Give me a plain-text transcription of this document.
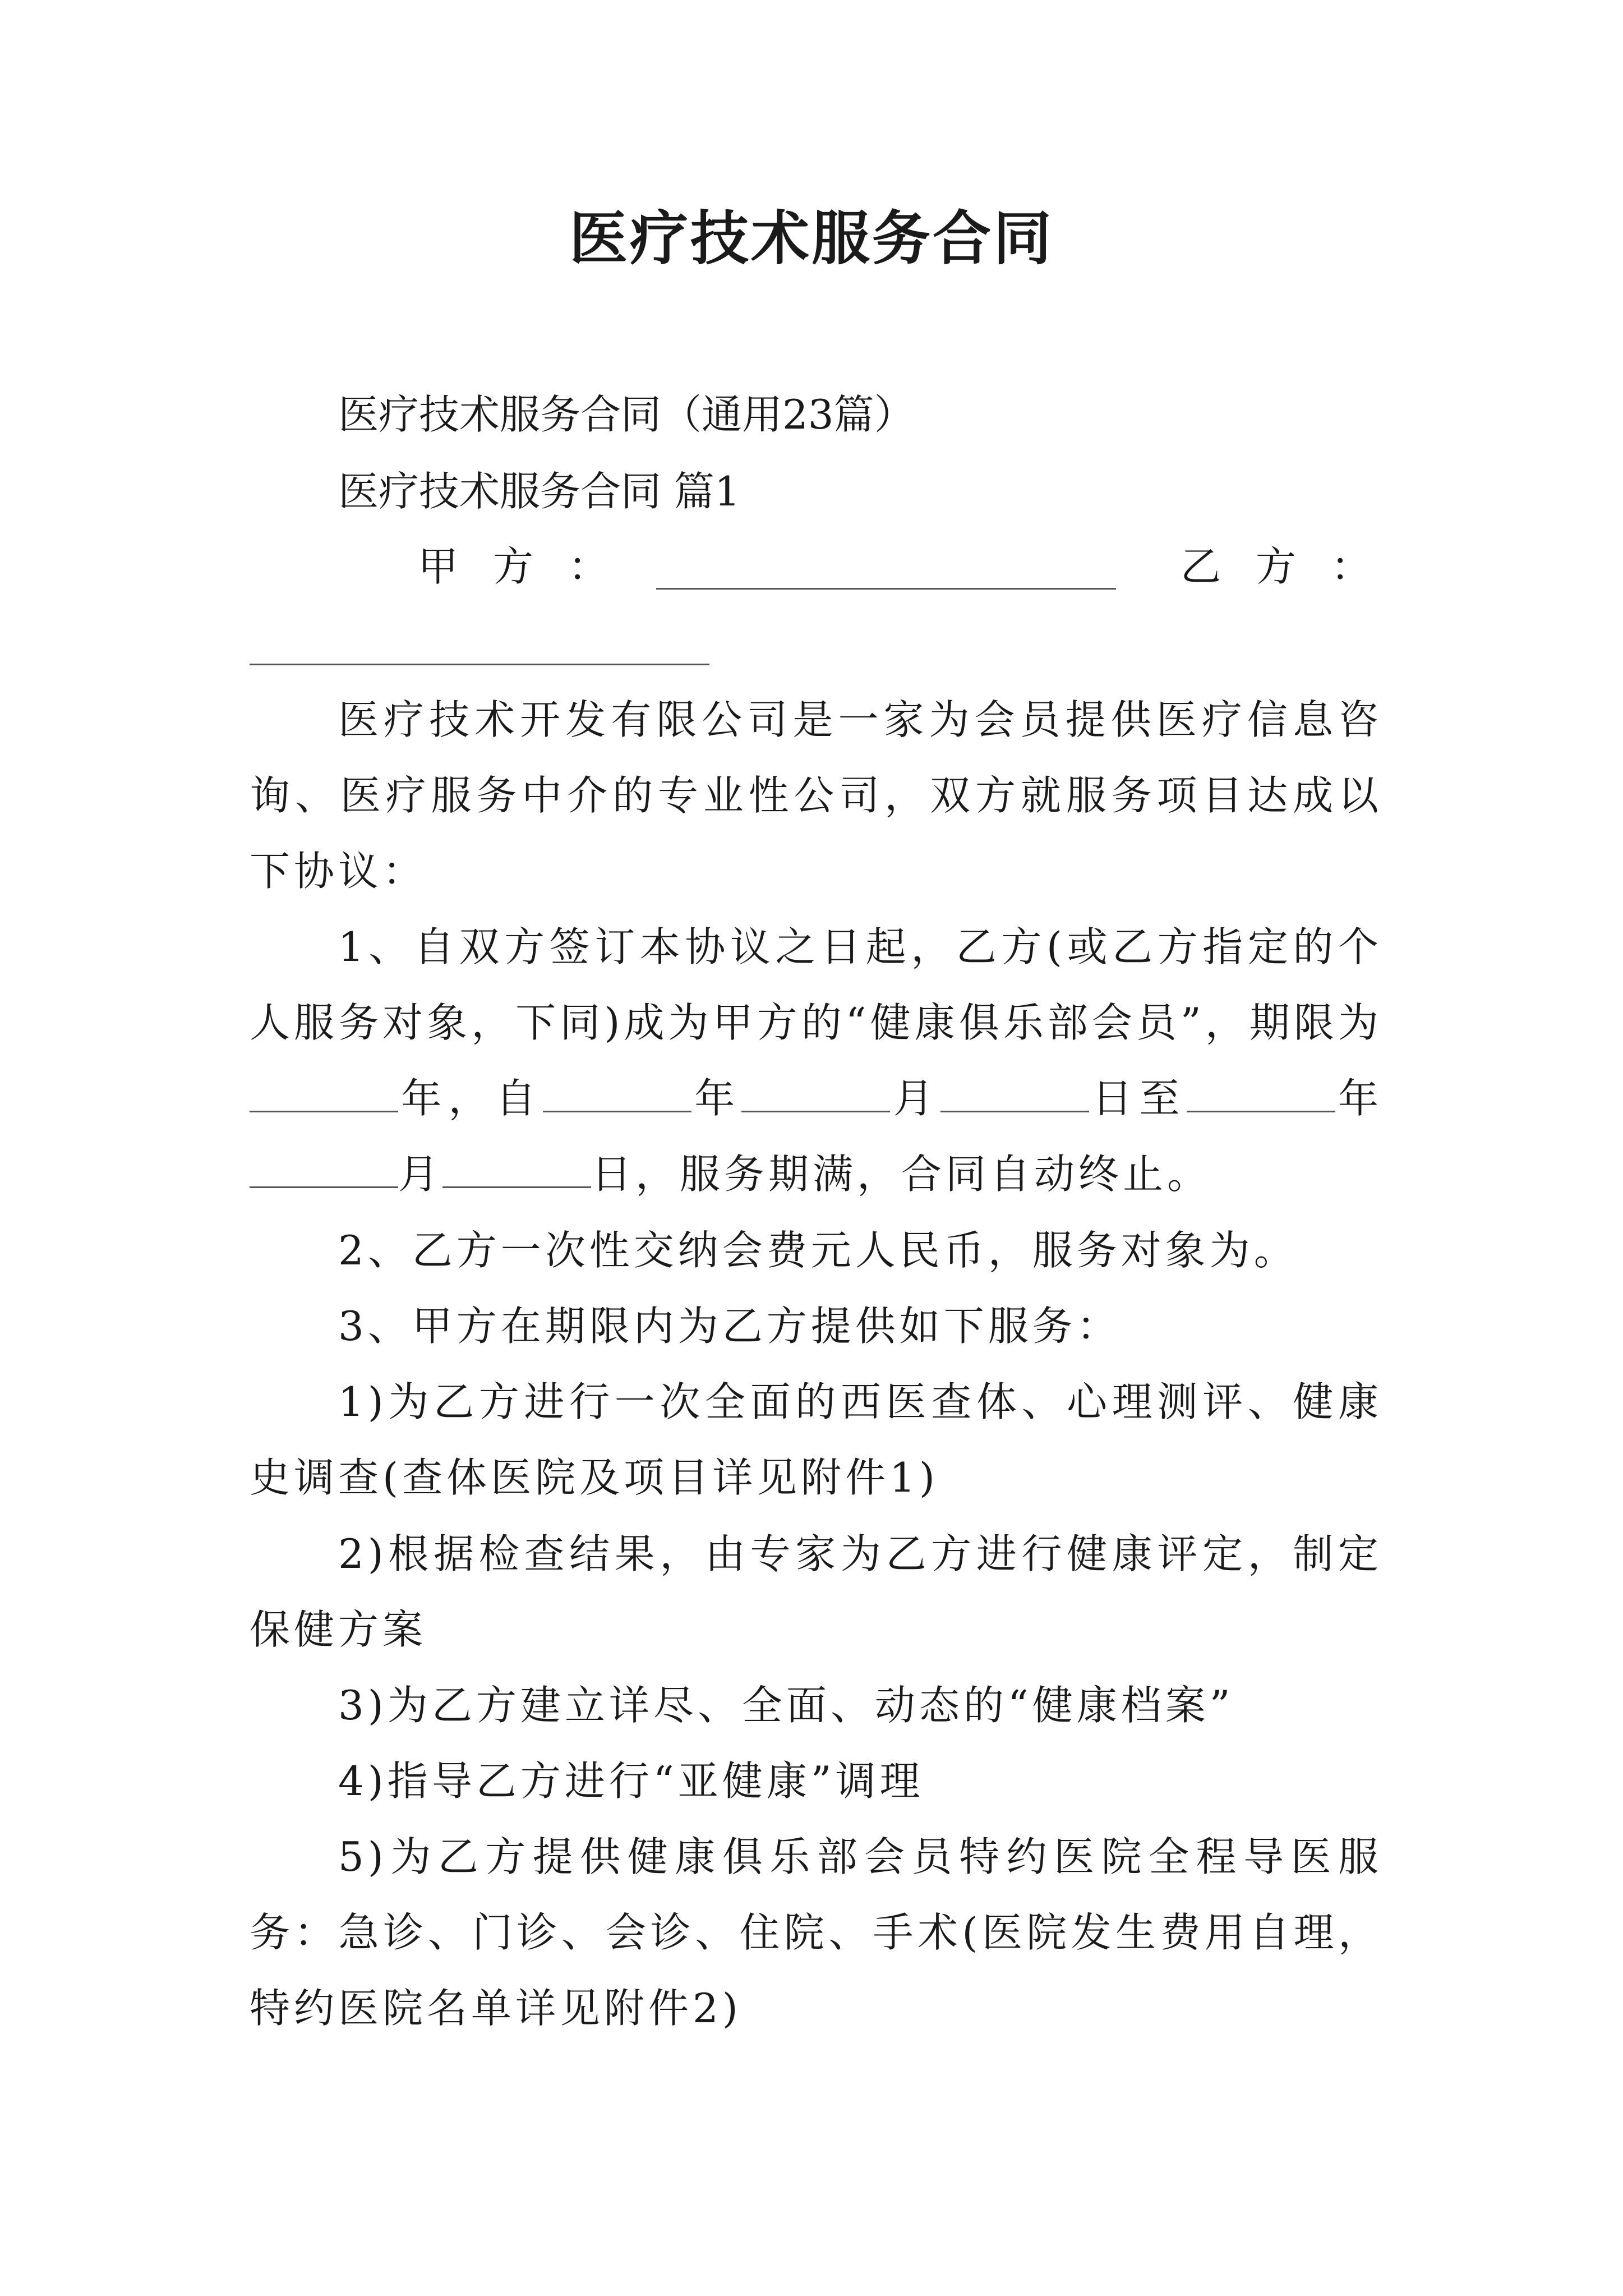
医疗技术服务合同
医疗技术服务合同（通用23篇）
医疗技术服务合同 篇1
甲方：	乙方：

医疗技术开发有限公司是一家为会员提供医疗信息咨询、医疗服务中介的专业性公司，双方就服务项目达成以下协议：

1、自双方签订本协议之日起，乙方(或乙方指定的个人服务对象，下同)成为甲方的“健康俱乐部会员”，期限为年，自	年	月	日至	年月	日，服务期满，合同自动终止。

2、乙方一次性交纳会费元人民币，服务对象为。

3、甲方在期限内为乙方提供如下服务：

1)为乙方进行一次全面的西医查体、心理测评、健康史调查(查体医院及项目详见附件1)

2)根据检查结果，由专家为乙方进行健康评定，制定保健方案

3)为乙方建立详尽、全面、动态的“健康档案”

4)指导乙方进行“亚健康”调理

5)为乙方提供健康俱乐部会员特约医院全程导医服务：急诊、门诊、会诊、住院、手术(医院发生费用自理，特约医院名单详见附件2)
